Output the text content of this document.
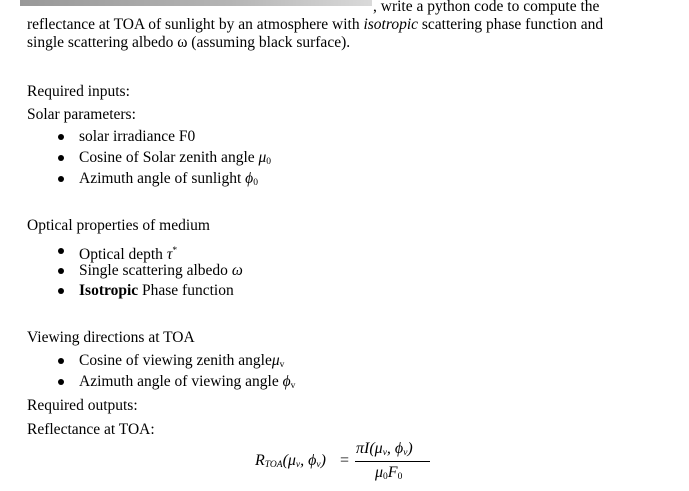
, write a python code to compute the
reflectance at TOA of sunlight by an atmosphere with isotropic scattering phase function and
single scattering albedo ω (assuming black surface).
Required inputs:
Solar parameters:
solar irradiance F0
Cosine of Solar zenith angle $\mu_0$
Azimuth angle of sunlight $\phi_0$
Optical properties of medium
Optical depth τ*
Single scattering albedo ω
Isotropic Phase function
Viewing directions at TOA
Cosine of viewing zenith angleμ$_v$
Azimuth angle of viewing angle $\phi_v$
Required outputs:
Reflectance at TOA:
$R_{TOA}(\mu_v$, $\phi_v$) =
$\pi I(\mu_v$, $\phi_v$)
$\mu_0F_0$
